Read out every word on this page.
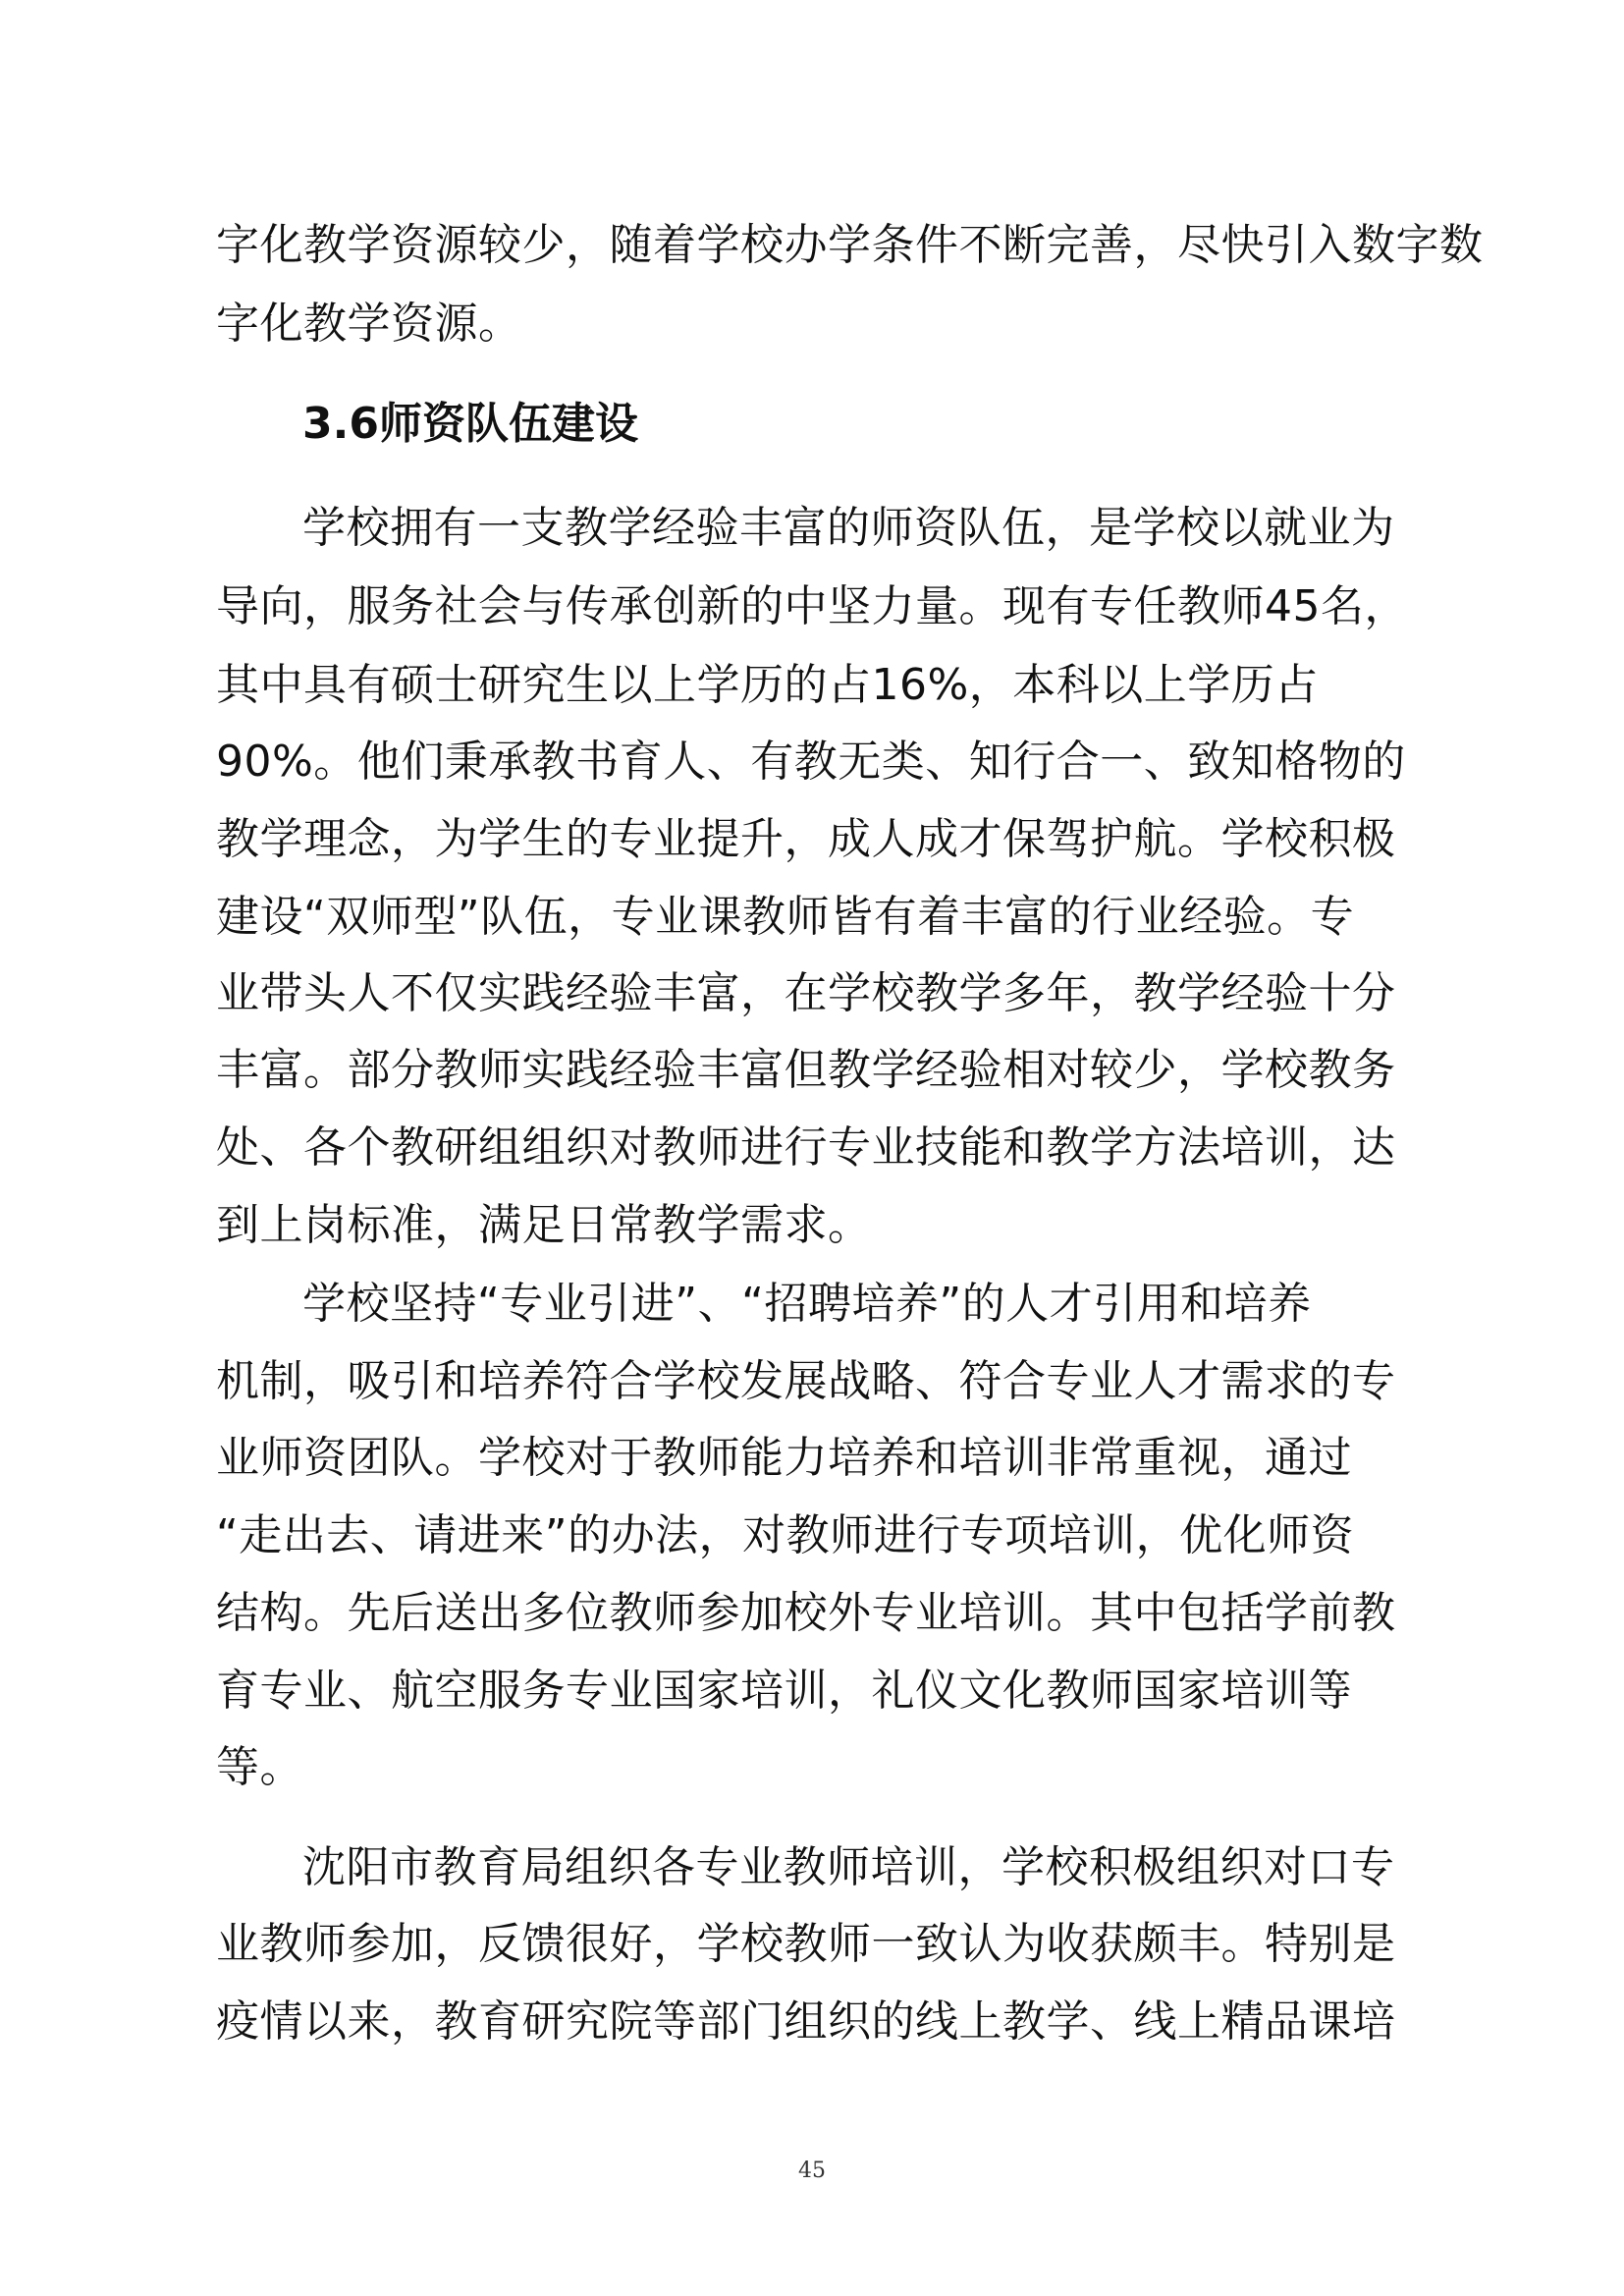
字化教学资源较少，随着学校办学条件不断完善，尽快引入数字数
字化教学资源。
3.6师资队伍建设
学校拥有一支教学经验丰富的师资队伍，是学校以就业为
导向，服务社会与传承创新的中坚力量。现有专任教师45名，
其中具有硕士研究生以上学历的占16%，本科以上学历占
90%。他们秉承教书育人、有教无类、知行合一、致知格物的
教学理念，为学生的专业提升，成人成才保驾护航。学校积极
建设“双师型”队伍，专业课教师皆有着丰富的行业经验。专
业带头人不仅实践经验丰富，在学校教学多年，教学经验十分
丰富。部分教师实践经验丰富但教学经验相对较少，学校教务
处、各个教研组组织对教师进行专业技能和教学方法培训，达
到上岗标准，满足日常教学需求。
学校坚持“专业引进”、“招聘培养”的人才引用和培养
机制，吸引和培养符合学校发展战略、符合专业人才需求的专
业师资团队。学校对于教师能力培养和培训非常重视，通过
“走出去、请进来”的办法，对教师进行专项培训，优化师资
结构。先后送出多位教师参加校外专业培训。其中包括学前教
育专业、航空服务专业国家培训，礼仪文化教师国家培训等
等。
沈阳市教育局组织各专业教师培训，学校积极组织对口专
业教师参加，反馈很好，学校教师一致认为收获颇丰。特别是
疫情以来，教育研究院等部门组织的线上教学、线上精品课培
45
